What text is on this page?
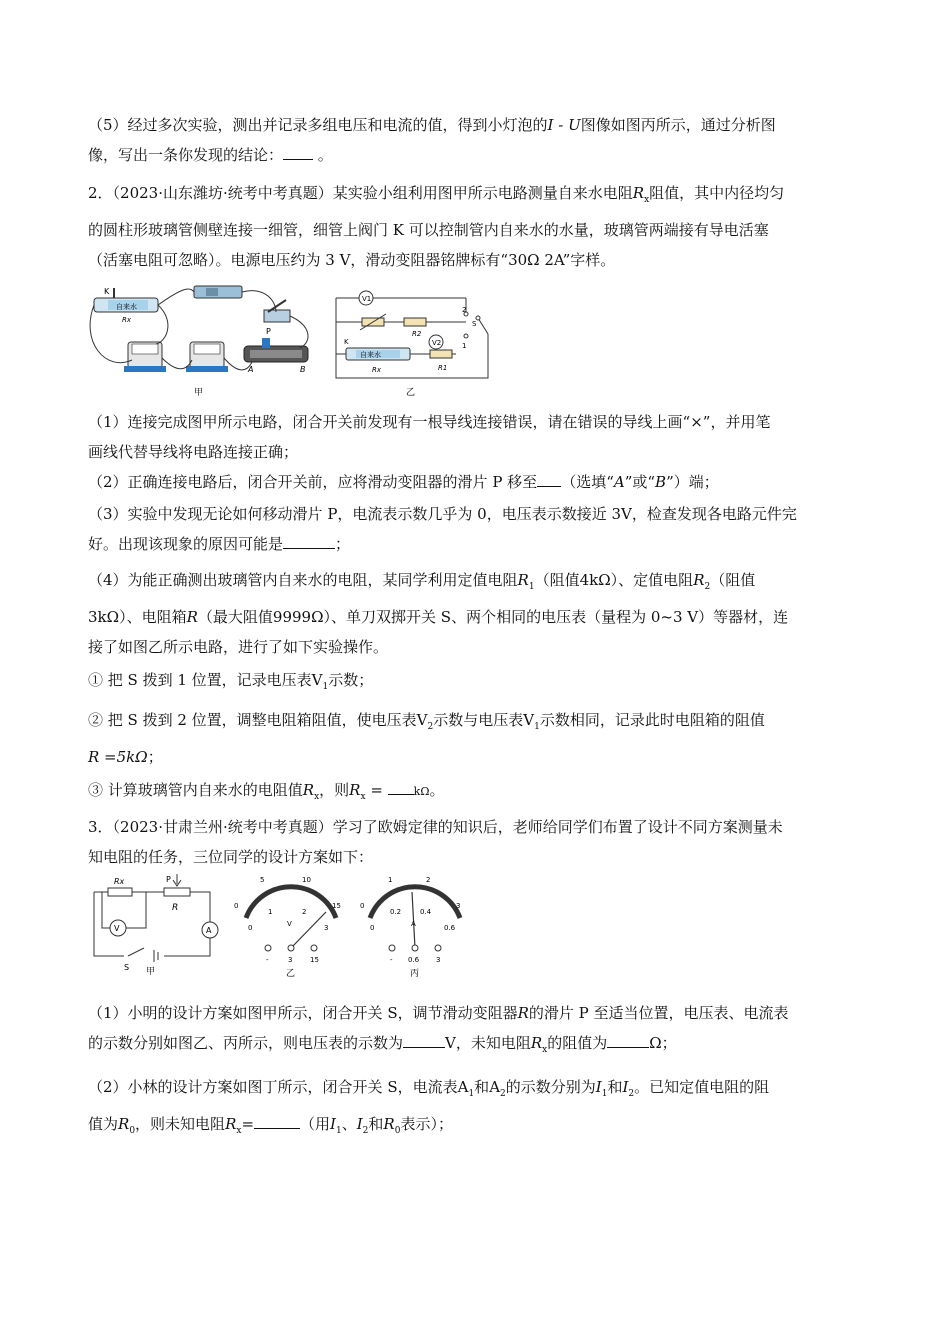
（5）经过多次实验，测出并记录多组电压和电流的值，得到小灯泡的I - U图像如图丙所示，通过分析图
像，写出一条你发现的结论： 。
2．（2023·山东潍坊·统考中考真题）某实验小组利用图甲所示电路测量自来水电阻$R_x$阻值，其中内径均匀
的圆柱形玻璃管侧壁连接一细管，细管上阀门 K 可以控制管内自来水的水量，玻璃管两端接有导电活塞
（活塞电阻可忽略）。电源电压约为 3 V，滑动变阻器铭牌标有“30Ω 2A”字样。
K
自来水
Rx
P
A	B
甲
V1
R2
自来水
K
Rx
V2
R1
2
1
S
乙
（1）连接完成图甲所示电路，闭合开关前发现有一根导线连接错误，请在错误的导线上画“×”，并用笔
画线代替导线将电路连接正确；
（2）正确连接电路后，闭合开关前，应将滑动变阻器的滑片 P 移至 （选填“A”或“B”）端；
（3）实验中发现无论如何移动滑片 P，电流表示数几乎为 0，电压表示数接近 3V，检查发现各电路元件完
好。出现该现象的原因可能是	；
（4）为能正确测出玻璃管内自来水的电阻，某同学利用定值电阻$R_1$（阻值4kΩ）、定值电阻$R_2$（阻值
3kΩ）、电阻箱R（最大阻值9999Ω）、单刀双掷开关 S、两个相同的电压表（量程为 0~3 V）等器材，连
接了如图乙所示电路，进行了如下实验操作。
① 把 S 拨到 1 位置，记录电压表$V_1$示数；
② 把 S 拨到 2 位置，调整电阻箱阻值，使电压表$V_2$示数与电压表$V_1$示数相同，记录此时电阻箱的阻值
R =5kΩ；
③ 计算玻璃管内自来水的电阻值$R_x$，则$R_x$ =	kΩ。
3．（2023·甘肃兰州·统考中考真题）学习了欧姆定律的知识后，老师给同学们布置了设计不同方案测量未
知电阻的任务，三位同学的设计方案如下：
Rx	P
R
V	A
S 甲
5	10
0	15
0
1	2
3
V
-	3	15
乙
1	2
0	3
0
0.2	0.4
0.6
A
- 0.6 3
丙
（1）小明的设计方案如图甲所示，闭合开关 S，调节滑动变阻器R的滑片 P 至适当位置，电压表、电流表
的示数分别如图乙、丙所示，则电压表的示数为	V，未知电阻$R_x$的阻值为	Ω；
（2）小林的设计方案如图丁所示，闭合开关 S，电流表$A_1$和$A_2$的示数分别为$I_1$和$I_2$。已知定值电阻的阻
值为$R_0$，则未知电阻$R_x=$	（用$I_1$、$I_2$和$R_0$表示）；
